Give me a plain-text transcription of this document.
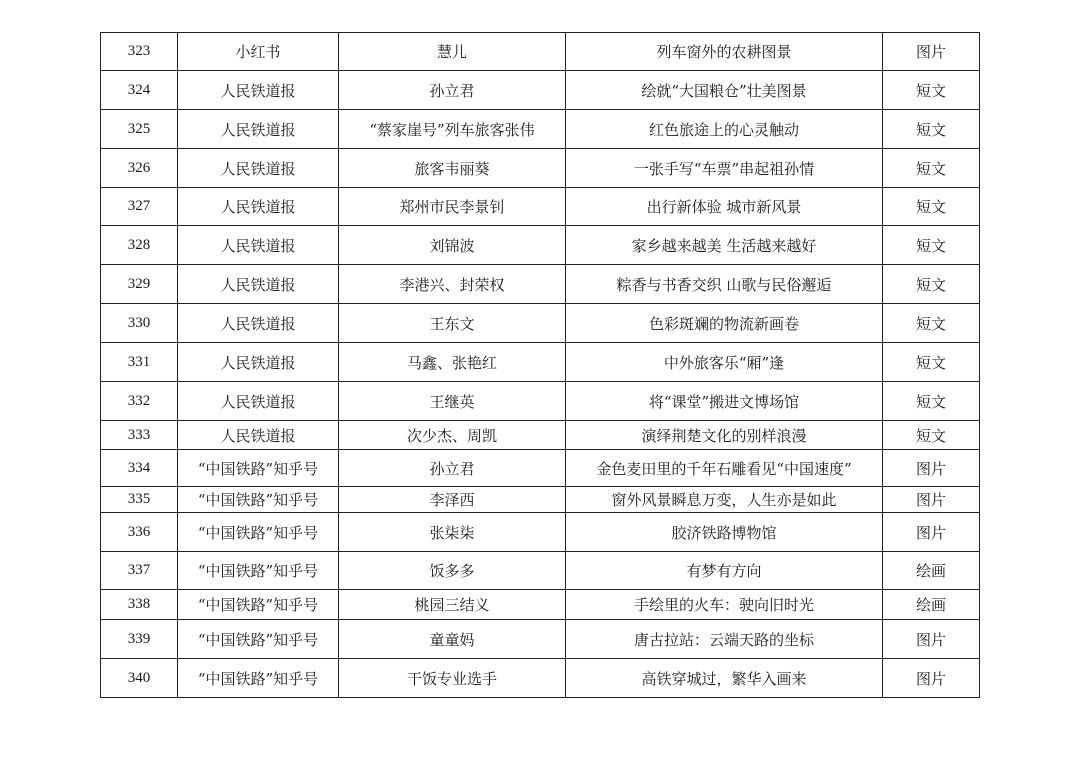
323	小红书	慧儿	列车窗外的农耕图景	图片
324	人民铁道报	孙立君	绘就“大国粮仓”壮美图景	短文
325	人民铁道报	“蔡家崖号”列车旅客张伟	红色旅途上的心灵触动	短文
326	人民铁道报	旅客韦丽葵	一张手写“车票”串起祖孙情	短文
327	人民铁道报	郑州市民李景钊	出行新体验 城市新风景	短文
328	人民铁道报	刘锦波	家乡越来越美 生活越来越好	短文
329	人民铁道报	李港兴、封荣权	粽香与书香交织 山歌与民俗邂逅	短文
330	人民铁道报	王东文	色彩斑斓的物流新画卷	短文
331	人民铁道报	马鑫、张艳红	中外旅客乐“厢”逢	短文
332	人民铁道报	王继英	将“课堂”搬进文博场馆	短文
333	人民铁道报	次少杰、周凯	演绎荆楚文化的别样浪漫	短文
334	“中国铁路”知乎号	孙立君	金色麦田里的千年石雕看见“中国速度”	图片
335	“中国铁路”知乎号	李泽西	窗外风景瞬息万变，人生亦是如此	图片
336	“中国铁路”知乎号	张柒柒	胶济铁路博物馆	图片
337	“中国铁路”知乎号	饭多多	有梦有方向	绘画
338	“中国铁路”知乎号	桃园三结义	手绘里的火车：驶向旧时光	绘画
339	“中国铁路”知乎号	童童妈	唐古拉站：云端天路的坐标	图片
340	“中国铁路”知乎号	干饭专业选手	高铁穿城过，繁华入画来	图片
